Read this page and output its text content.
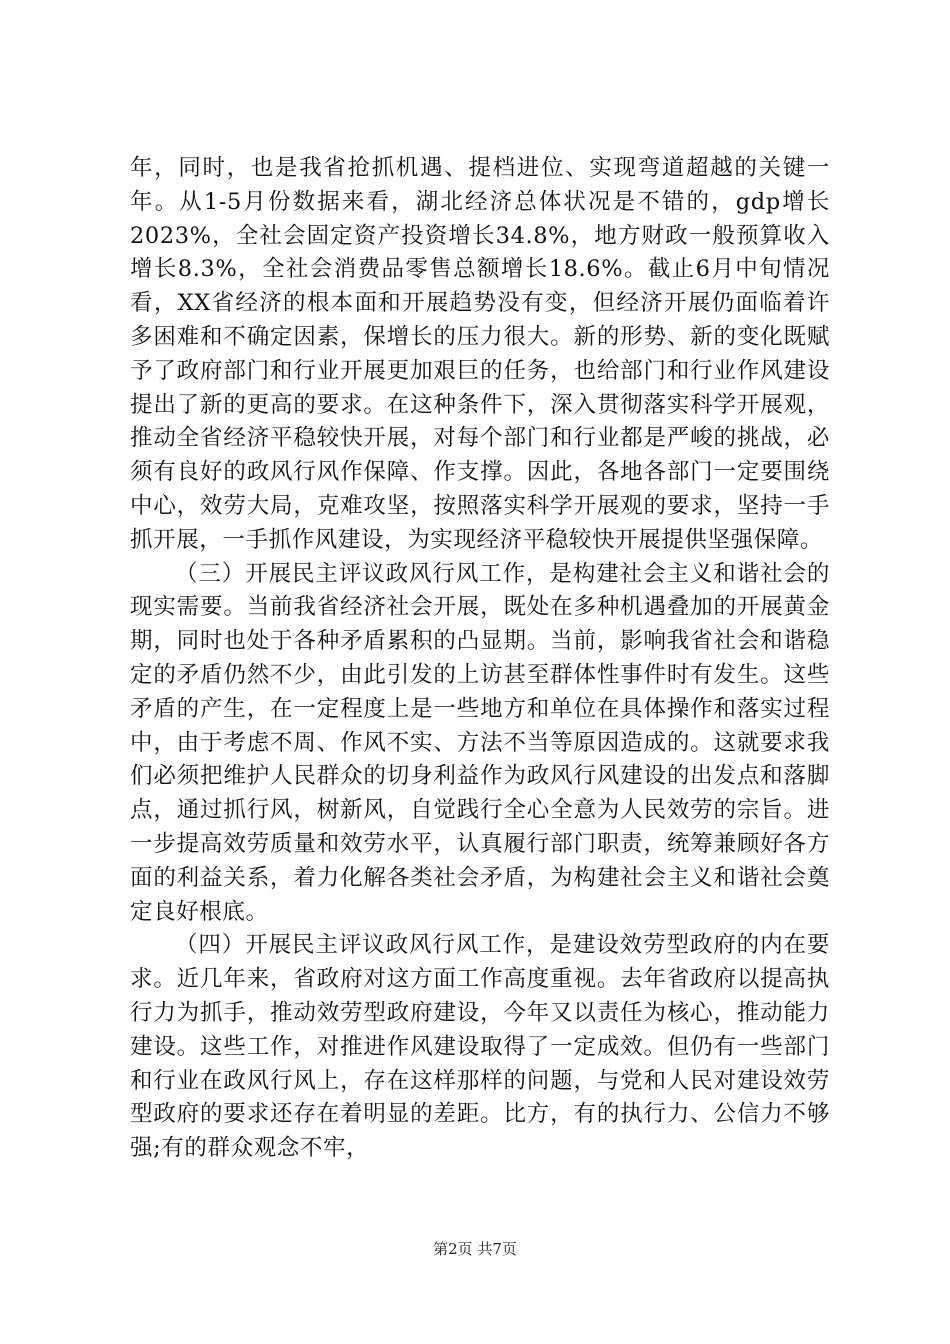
年，同时，也是我省抢抓机遇、提档进位、实现弯道超越的关键一年。从1-5月份数据来看，湖北经济总体状况是不错的，gdp增长2023%，全社会固定资产投资增长34.8%，地方财政一般预算收入增长8.3%，全社会消费品零售总额增长18.6%。截止6月中旬情况看，XX省经济的根本面和开展趋势没有变，但经济开展仍面临着许多困难和不确定因素，保增长的压力很大。新的形势、新的变化既赋予了政府部门和行业开展更加艰巨的任务，也给部门和行业作风建设提出了新的更高的要求。在这种条件下，深入贯彻落实科学开展观，推动全省经济平稳较快开展，对每个部门和行业都是严峻的挑战，必须有良好的政风行风作保障、作支撑。因此，各地各部门一定要围绕中心，效劳大局，克难攻坚，按照落实科学开展观的要求，坚持一手抓开展，一手抓作风建设，为实现经济平稳较快开展提供坚强保障。

（三）开展民主评议政风行风工作，是构建社会主义和谐社会的现实需要。当前我省经济社会开展，既处在多种机遇叠加的开展黄金期，同时也处于各种矛盾累积的凸显期。当前，影响我省社会和谐稳定的矛盾仍然不少，由此引发的上访甚至群体性事件时有发生。这些矛盾的产生，在一定程度上是一些地方和单位在具体操作和落实过程中，由于考虑不周、作风不实、方法不当等原因造成的。这就要求我们必须把维护人民群众的切身利益作为政风行风建设的出发点和落脚点，通过抓行风，树新风，自觉践行全心全意为人民效劳的宗旨。进一步提高效劳质量和效劳水平，认真履行部门职责，统筹兼顾好各方面的利益关系，着力化解各类社会矛盾，为构建社会主义和谐社会奠定良好根底。

（四）开展民主评议政风行风工作，是建设效劳型政府的内在要求。近几年来，省政府对这方面工作高度重视。去年省政府以提高执行力为抓手，推动效劳型政府建设，今年又以责任为核心，推动能力建设。这些工作，对推进作风建设取得了一定成效。但仍有一些部门和行业在政风行风上，存在这样那样的问题，与党和人民对建设效劳型政府的要求还存在着明显的差距。比方，有的执行力、公信力不够强;有的群众观念不牢，

第2页 共7页
